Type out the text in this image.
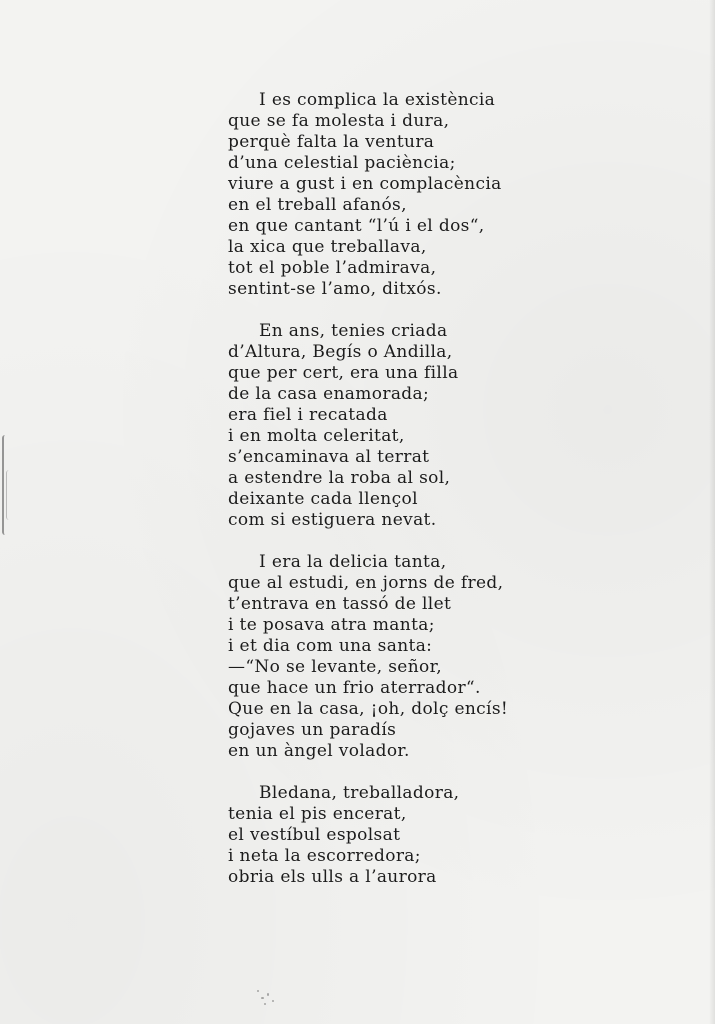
I es complica la existència
que se fa molesta i dura,
perquè falta la ventura
d’una celestial paciència;
viure a gust i en complacència
en el treball afanós,
en que cantant “l’ú i el dos“,
la xica que treballava,
tot el poble l’admirava,
sentint-se l’amo, ditxós.
En ans, tenies criada
d’Altura, Begís o Andilla,
que per cert, era una filla
de la casa enamorada;
era fiel i recatada
i en molta celeritat,
s’encaminava al terrat
a estendre la roba al sol,
deixante cada llençol
com si estiguera nevat.
I era la delicia tanta,
que al estudi, en jorns de fred,
t’entrava en tassó de llet
i te posava atra manta;
i et dia com una santa:
—“No se levante, señor,
que hace un frio aterrador“.
Que en la casa, ¡oh, dolç encís!
gojaves un paradís
en un àngel volador.
Bledana, treballadora,
tenia el pis encerat,
el vestíbul espolsat
i neta la escorredora;
obria els ulls a l’aurora
